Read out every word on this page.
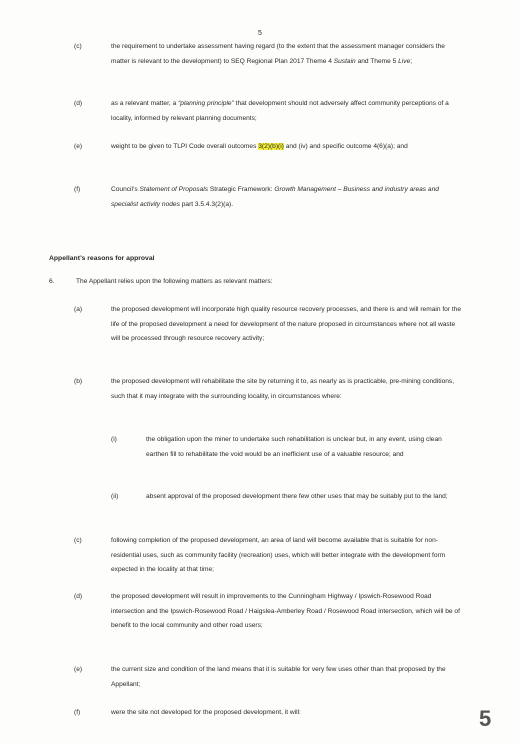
5
(c)	the requirement to undertake assessment having regard (to the extent that the assessment manager considers the matter is relevant to the development) to SEQ Regional Plan 2017 Theme 4 Sustain and Theme 5 Live;
(d)	as a relevant matter, a “planning principle” that development should not adversely affect community perceptions of a locality, informed by relevant planning documents;
(e)	weight to be given to TLPI Code overall outcomes 3(2)(b)(i) and (iv) and specific outcome 4(6)(a); and
(f)	Council’s Statement of Proposals Strategic Framework: Growth Management – Business and industry areas and specialist activity nodes part 3.5.4.3(2)(a).
Appellant’s reasons for approval
6.	The Appellant relies upon the following matters as relevant matters:
(a)	the proposed development will incorporate high quality resource recovery processes, and there is and will remain for the life of the proposed development a need for development of the nature proposed in circumstances where not all waste will be processed through resource recovery activity;
(b)	the proposed development will rehabilitate the site by returning it to, as nearly as is practicable, pre-mining conditions, such that it may integrate with the surrounding locality, in circumstances where:
(i)	the obligation upon the miner to undertake such rehabilitation is unclear but, in any event, using clean earthen fill to rehabilitate the void would be an inefficient use of a valuable resource; and
(ii)	absent approval of the proposed development there few other uses that may be suitably put to the land;
(c)	following completion of the proposed development, an area of land will become available that is suitable for non-residential uses, such as community facility (recreation) uses, which will better integrate with the development form expected in the locality at that time;
(d)	the proposed development will result in improvements to the Cunningham Highway / Ipswich-Rosewood Road intersection and the Ipswich-Rosewood Road / Haigslea-Amberley Road / Rosewood Road intersection, which will be of benefit to the local community and other road users;
(e)	the current size and condition of the land means that it is suitable for very few uses other than that proposed by the Appellant;
(f)	were the site not developed for the proposed development, it will:	5
